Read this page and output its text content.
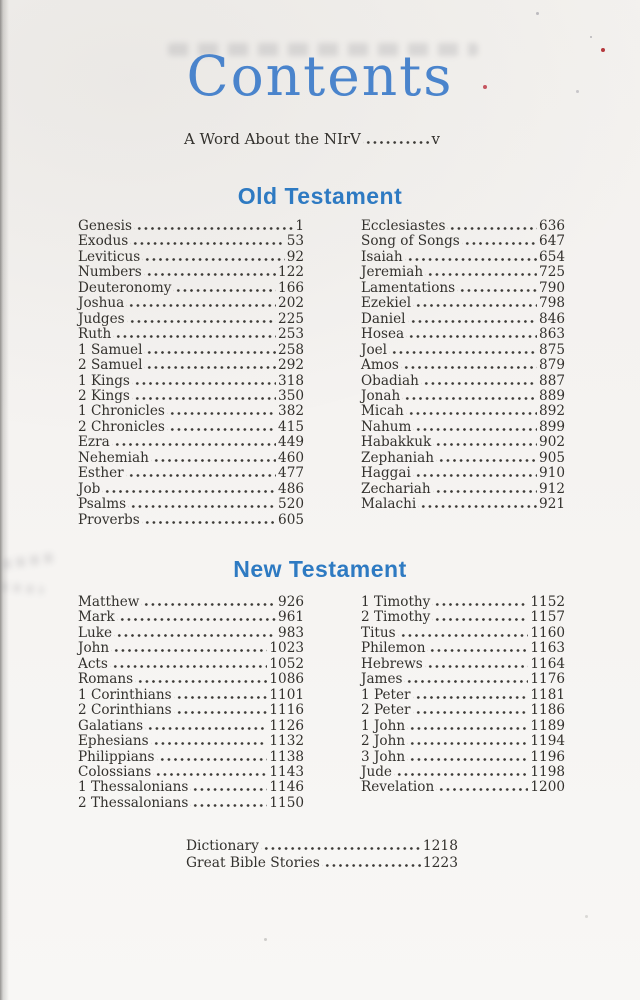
Contents
A Word About the NIrV	v
Old Testament
Genesis	1
Exodus	53
Leviticus	92
Numbers	122
Deuteronomy	166
Joshua	202
Judges	225
Ruth	253
1 Samuel	258
2 Samuel	292
1 Kings	318
2 Kings	350
1 Chronicles	382
2 Chronicles	415
Ezra	449
Nehemiah	460
Esther	477
Job	486
Psalms	520
Proverbs	605
Ecclesiastes	636
Song of Songs	647
Isaiah	654
Jeremiah	725
Lamentations	790
Ezekiel	798
Daniel	846
Hosea	863
Joel	875
Amos	879
Obadiah	887
Jonah	889
Micah	892
Nahum	899
Habakkuk	902
Zephaniah	905
Haggai	910
Zechariah	912
Malachi	921
New Testament
Matthew	926
Mark	961
Luke	983
John	1023
Acts	1052
Romans	1086
1 Corinthians	1101
2 Corinthians	1116
Galatians	1126
Ephesians	1132
Philippians	1138
Colossians	1143
1 Thessalonians	1146
2 Thessalonians	1150
1 Timothy	1152
2 Timothy	1157
Titus	1160
Philemon	1163
Hebrews	1164
James	1176
1 Peter	1181
2 Peter	1186
1 John	1189
2 John	1194
3 John	1196
Jude	1198
Revelation	1200
Dictionary	1218
Great Bible Stories	1223
